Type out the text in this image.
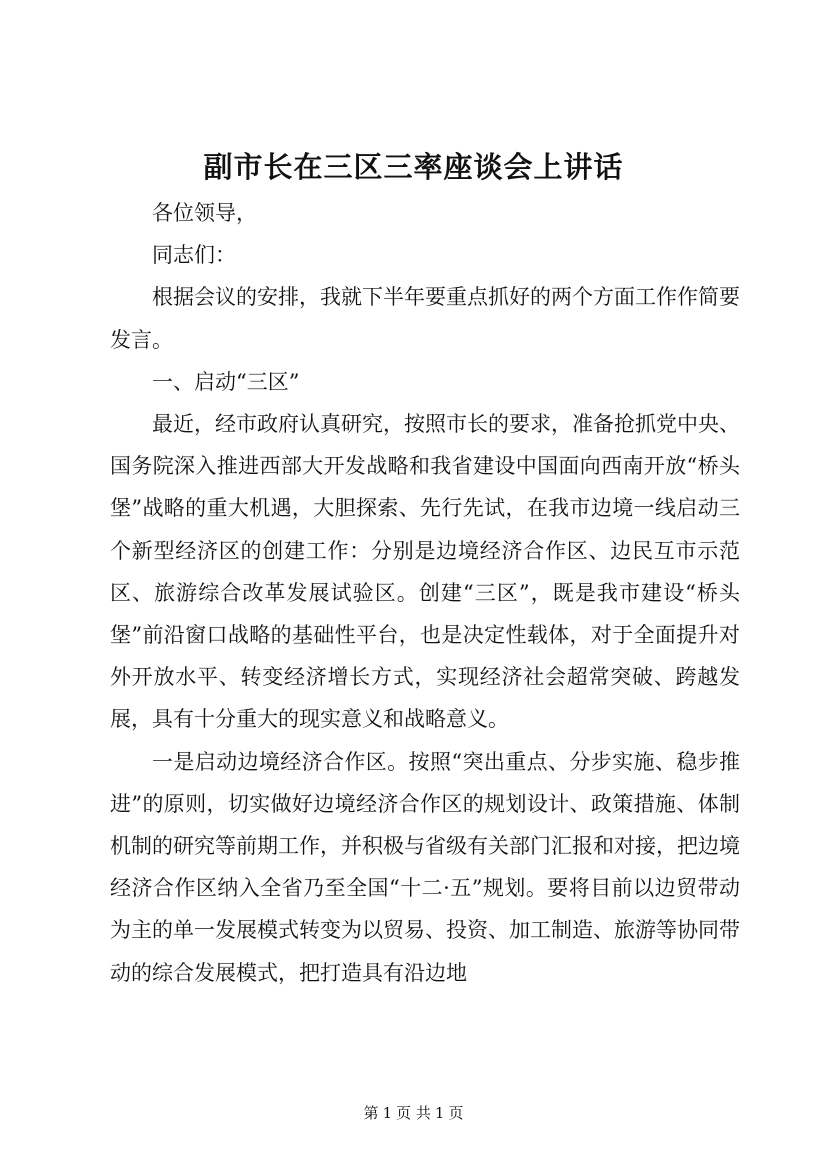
副市长在三区三率座谈会上讲话

各位领导，

同志们：

根据会议的安排，我就下半年要重点抓好的两个方面工作作简要发言。

一、启动“三区”

最近，经市政府认真研究，按照市长的要求，准备抢抓党中央、国务院深入推进西部大开发战略和我省建设中国面向西南开放“桥头堡”战略的重大机遇，大胆探索、先行先试，在我市边境一线启动三个新型经济区的创建工作：分别是边境经济合作区、边民互市示范区、旅游综合改革发展试验区。创建“三区”，既是我市建设“桥头堡”前沿窗口战略的基础性平台，也是决定性载体，对于全面提升对外开放水平、转变经济增长方式，实现经济社会超常突破、跨越发展，具有十分重大的现实意义和战略意义。

一是启动边境经济合作区。按照“突出重点、分步实施、稳步推进”的原则，切实做好边境经济合作区的规划设计、政策措施、体制机制的研究等前期工作，并积极与省级有关部门汇报和对接，把边境经济合作区纳入全省乃至全国“十二·五”规划。要将目前以边贸带动为主的单一发展模式转变为以贸易、投资、加工制造、旅游等协同带动的综合发展模式，把打造具有沿边地

第 1 页 共 1 页
